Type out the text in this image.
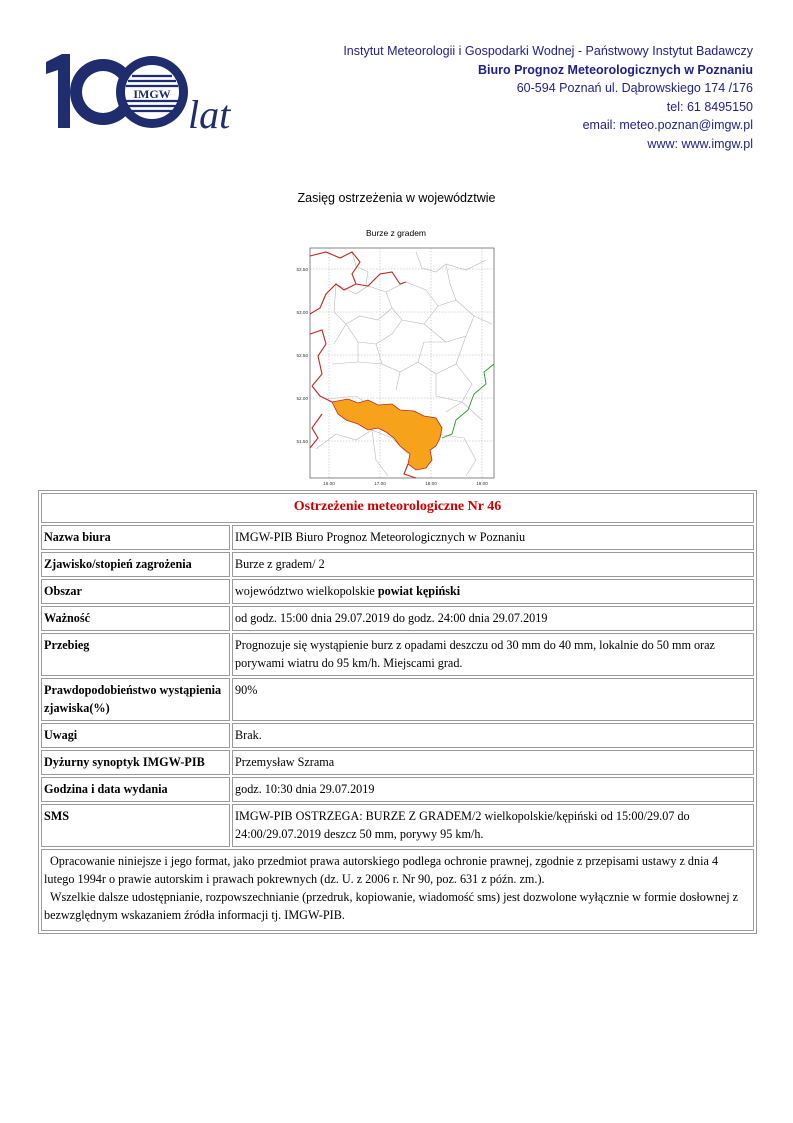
IMGW lat
Instytut Meteorologii i Gospodarki Wodnej - Państwowy Instytut Badawczy
Biuro Prognoz Meteorologicznych w Poznaniu
60-594 Poznań ul. Dąbrowskiego 174 /176
tel: 61 8495150
email: meteo.poznan@imgw.pl
www: www.imgw.pl
Zasięg ostrzeżenia w województwie
Burze z gradem
53.50
53.00
52.50
52.00
51.50
16.00	17.00	18.00	19.00
Ostrzeżenie meteorologiczne Nr 46	
Nazwa biura	IMGW-PIB Biuro Prognoz Meteorologicznych w Poznaniu
Zjawisko/stopień zagrożenia	Burze z gradem/ 2
Obszar	województwo wielkopolskie powiat kępiński
Ważność	od godz. 15:00 dnia 29.07.2019 do godz. 24:00 dnia 29.07.2019
Przebieg	Prognozuje się wystąpienie burz z opadami deszczu od 30 mm do 40 mm, lokalnie do 50 mm oraz porywami wiatru do 95 km/h. Miejscami grad.
Prawdopodobieństwo wystąpienia zjawiska(%)	90%
Uwagi	Brak.
Dyżurny synoptyk IMGW-PIB	Przemysław Szrama
Godzina i data wydania	godz. 10:30 dnia 29.07.2019
SMS	IMGW-PIB OSTRZEGA: BURZE Z GRADEM/2 wielkopolskie/kępiński od 15:00/29.07 do 24:00/29.07.2019 deszcz 50 mm, porywy 95 km/h.

Opracowanie niniejsze i jego format, jako przedmiot prawa autorskiego podlega ochronie prawnej, zgodnie z przepisami ustawy z dnia 4 lutego 1994r o prawie autorskim i prawach pokrewnych (dz. U. z 2006 r. Nr 90, poz. 631 z późn. zm.).

Wszelkie dalsze udostępnianie, rozpowszechnianie (przedruk, kopiowanie, wiadomość sms) jest dozwolone wyłącznie w formie dosłownej z bezwzględnym wskazaniem źródła informacji tj. IMGW-PIB.	
